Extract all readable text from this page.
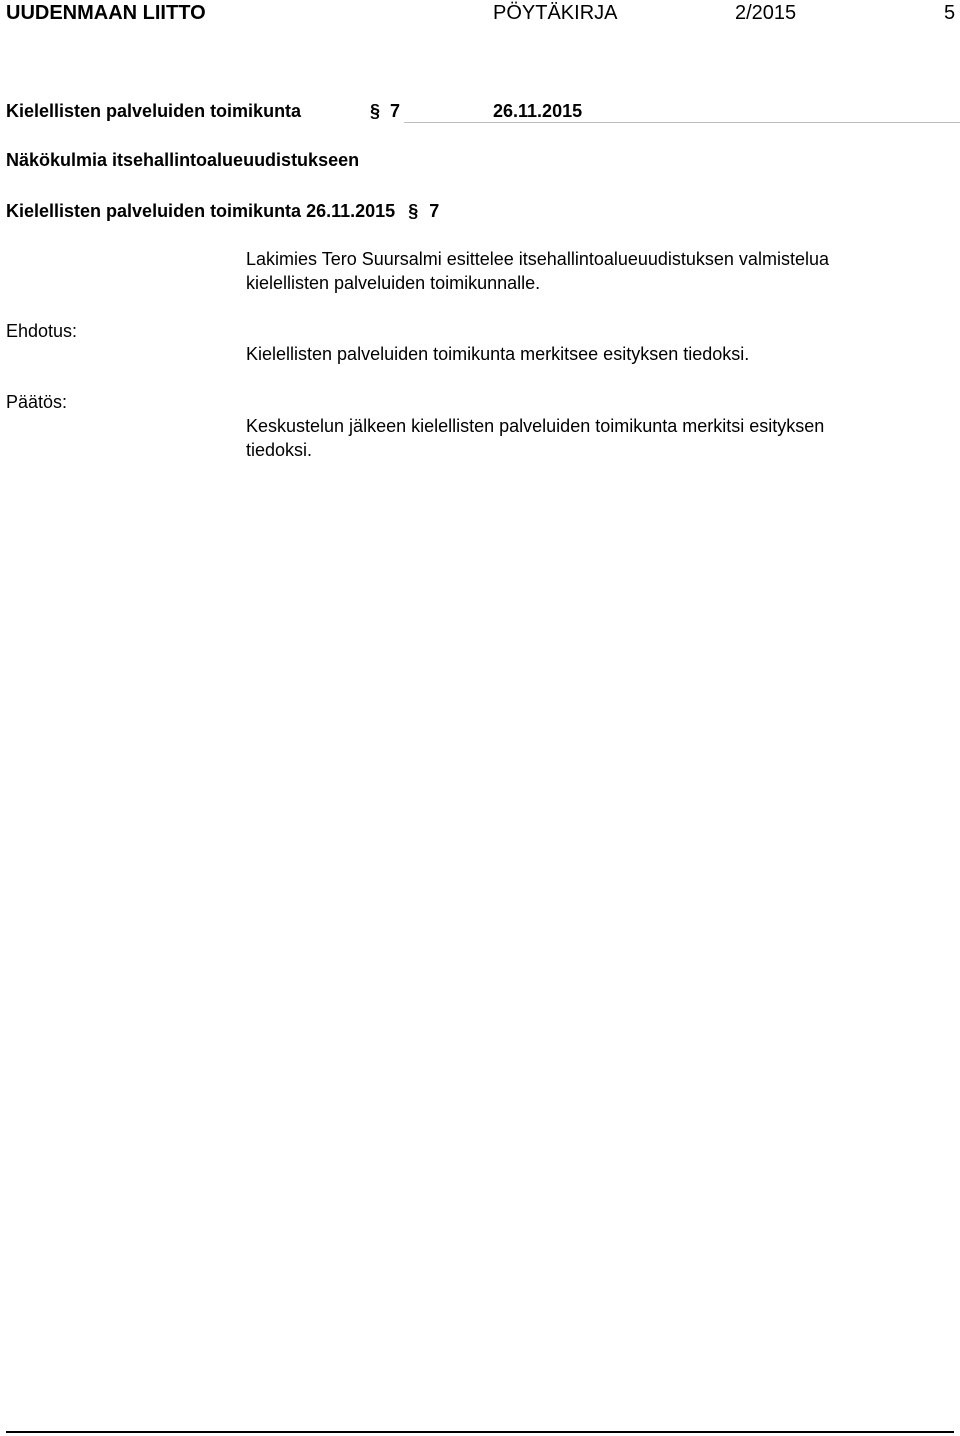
UUDENMAAN LIITTO	PÖYTÄKIRJA	2/2015	5
Kielellisten palveluiden toimikunta	§ 7	26.11.2015
Näkökulmia itsehallintoalueuudistukseen
Kielellisten palveluiden toimikunta 26.11.2015 § 7
Lakimies Tero Suursalmi esittelee itsehallintoalueuudistuksen valmistelua
kielellisten palveluiden toimikunnalle.
Ehdotus:
Kielellisten palveluiden toimikunta merkitsee esityksen tiedoksi.
Päätös:
Keskustelun jälkeen kielellisten palveluiden toimikunta merkitsi esityksen
tiedoksi.
